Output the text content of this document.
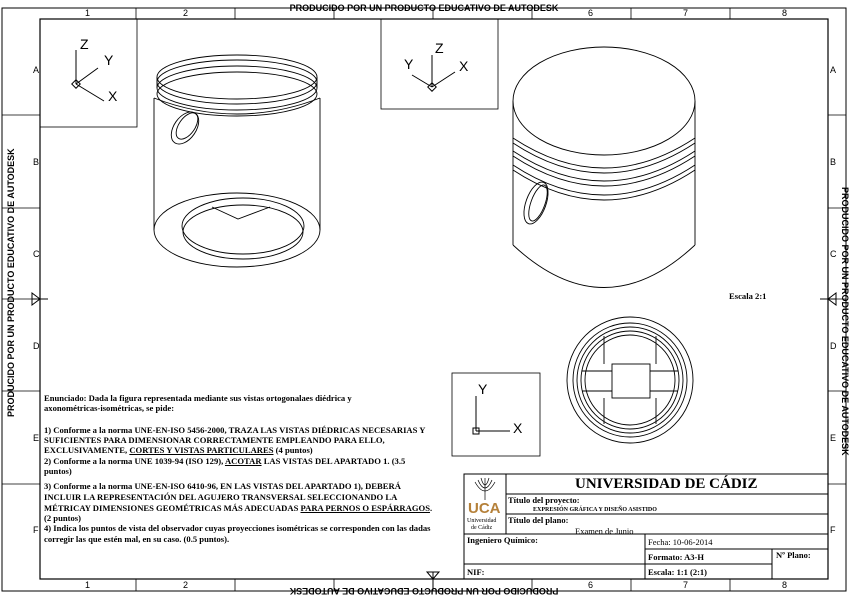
PRODUCIDO POR UN PRODUCTO EDUCATIVO DE AUTODESK
PRODUCIDO POR UN PRODUCTO EDUCATIVO DE AUTODESK
PRODUCIDO POR UN PRODUCTO EDUCATIVO DE AUTODESK	PRODUCIDO POR UN PRODUCTO EDUCATIVO DE AUTODESK
1	2	6	7	8
1	2	6	7	8
A
B
C
D
E
F
A
B
C
D
E
F
Z
Y
X
Z
Y	X
Y
X
Escala 2:1
Enunciado: Dada la figura representada mediante sus vistas ortogonalaes diédrica y
axonométricas-isométricas, se pide:
1) Conforme a la norma UNE-EN-ISO 5456-2000, TRAZA LAS VISTAS DIÉDRICAS NECESARIAS Y
SUFICIENTES PARA DIMENSIONAR CORRECTAMENTE EMPLEANDO PARA ELLO,
EXCLUSIVAMENTE, CORTES Y VISTAS PARTICULARES (4 puntos)
2) Conforme a la norma UNE 1039-94 (ISO 129), ACOTAR LAS VISTAS DEL APARTADO 1. (3.5
puntos)
3) Conforme a la norma UNE-EN-ISO 6410-96, EN LAS VISTAS DEL APARTADO 1), DEBERÁ
INCLUIR LA REPRESENTACIÓN DEL AGUJERO TRANSVERSAL SELECCIONANDO LA
MÉTRICAY DIMENSIONES GEOMÉTRICAS MÁS ADECUADAS PARA PERNOS O ESPÁRRAGOS.
(2 puntos)
4) Indica los puntos de vista del observador cuyas proyecciones isométricas se corresponden con las dadas
corregir las que estén mal, en su caso. (0.5 puntos).
UNIVERSIDAD DE CÁDIZ
UCA
Universidad
de Cádiz
Título del proyecto:
EXPRESIÓN GRÁFICA Y DISEÑO ASISTIDO
Título del plano:
Examen de Junio
Ingeniero Químico:	Fecha: 10-06-2014
Formato: A3-H
Escala: 1:1 (2:1)
Nº Plano:
NIF:
